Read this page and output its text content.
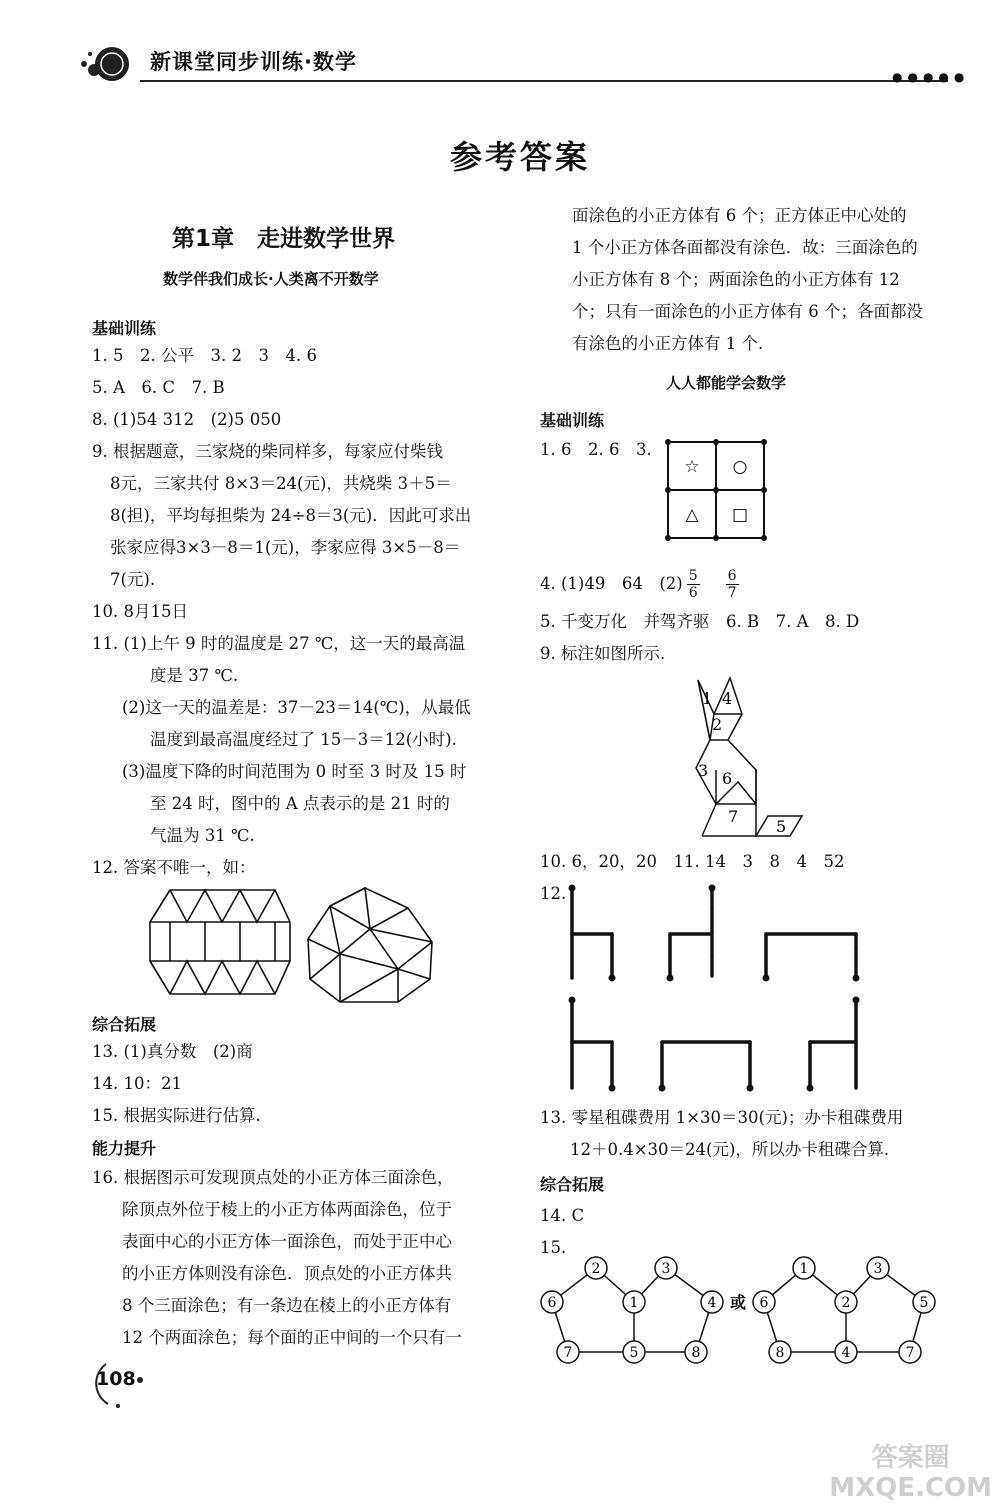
新课堂同步训练·数学
●●●●●
参考答案
第1章　走进数学世界
数学伴我们成长·人类离不开数学
基础训练
1. 5　2. 公平　3. 2　3　4. 6
5. A　6. C　7. B
8. (1)54 312　(2)5 050
9. 根据题意，三家烧的柴同样多，每家应付柴钱
8元，三家共付 8×3＝24(元)，共烧柴 3＋5＝
8(担)，平均每担柴为 24÷8＝3(元)．因此可求出
张家应得3×3－8＝1(元)，李家应得 3×5－8＝
7(元).
10. 8月15日
11. (1)上午 9 时的温度是 27 ℃，这一天的最高温
度是 37 ℃.
(2)这一天的温差是：37－23＝14(℃)，从最低
温度到最高温度经过了 15－3＝12(小时).
(3)温度下降的时间范围为 0 时至 3 时及 15 时
至 24 时，图中的 A 点表示的是 21 时的
气温为 31 ℃.
12. 答案不唯一，如：
综合拓展
13. (1)真分数　(2)商
14. 10：21
15. 根据实际进行估算.
能力提升
16. 根据图示可发现顶点处的小正方体三面涂色，
除顶点外位于棱上的小正方体两面涂色，位于
表面中心的小正方体一面涂色，而处于正中心
的小正方体则没有涂色．顶点处的小正方体共
8 个三面涂色；有一条边在棱上的小正方体有
12 个两面涂色；每个面的正中间的一个只有一
108
面涂色的小正方体有 6 个；正方体正中心处的
1 个小正方体各面都没有涂色．故：三面涂色的
小正方体有 8 个；两面涂色的小正方体有 12
个；只有一面涂色的小正方体有 6 个；各面都没
有涂色的小正方体有 1 个.
人人都能学会数学
基础训练
1. 6　2. 6　3.
☆ ○
△ □
4. (1)49　64　$(2) \frac{5}{6} \frac{6}{7}$
5. 千变万化　并驾齐驱　6. B　7. A　8. D
9. 标注如图所示.
1 4
2
3 6
7
5
10. 6，20，20　11. 14　3　8　4　52
12.
13. 零星租碟费用 1×30＝30(元)；办卡租碟费用
12＋0.4×30＝24(元)，所以办卡租碟合算.
综合拓展
14. C
15.
2	3
6	1	4
7	5	8
1	3
6	2	5
8	4	7
或
答案圈
MXQE.COM
